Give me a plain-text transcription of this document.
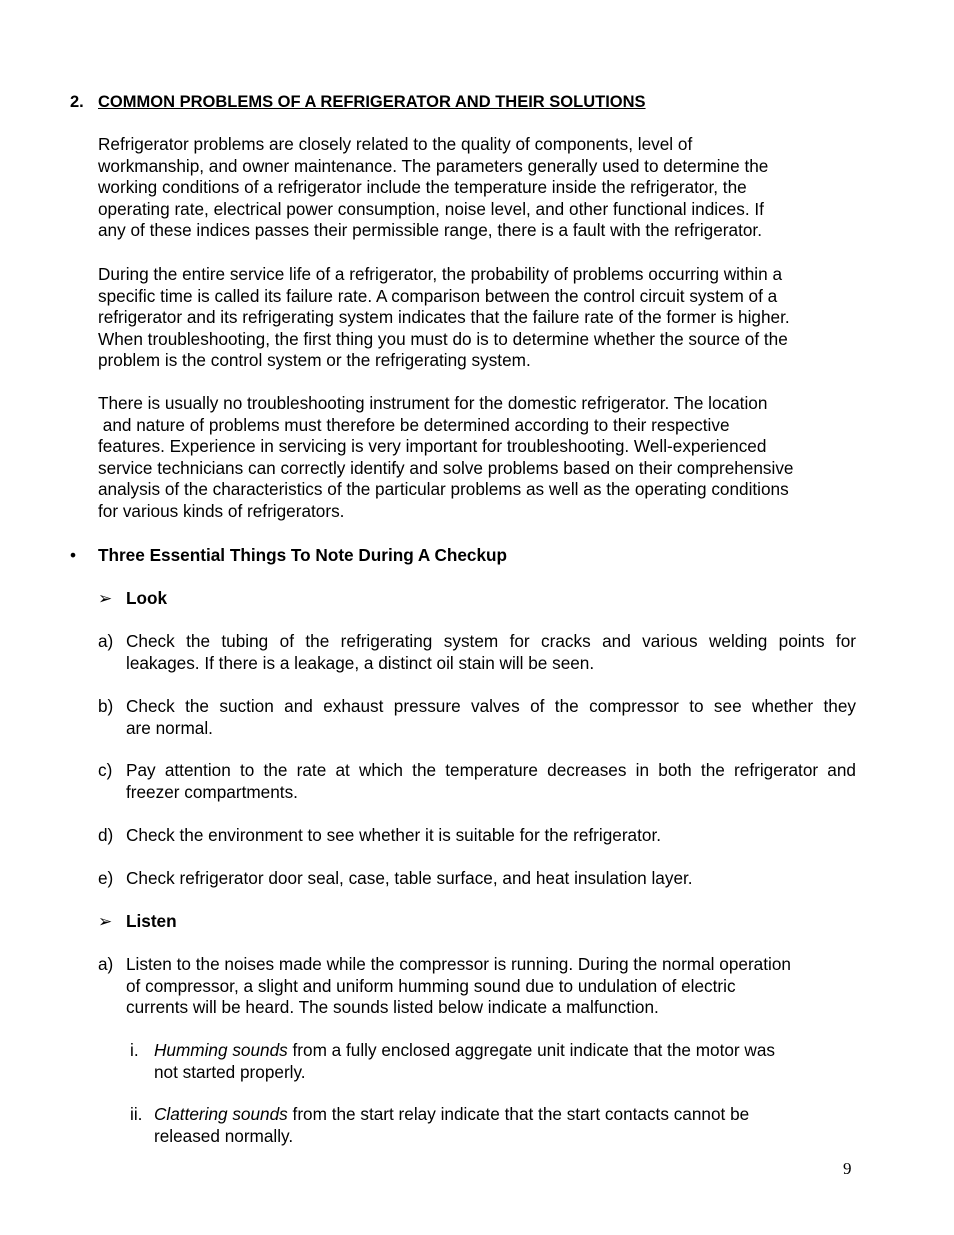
2. COMMON PROBLEMS OF A REFRIGERATOR AND THEIR SOLUTIONS
Refrigerator problems are closely related to the quality of components, level of
workmanship, and owner maintenance. The parameters generally used to determine the
working conditions of a refrigerator include the temperature inside the refrigerator, the
operating rate, electrical power consumption, noise level, and other functional indices. If
any of these indices passes their permissible range, there is a fault with the refrigerator.
During the entire service life of a refrigerator, the probability of problems occurring within a
specific time is called its failure rate. A comparison between the control circuit system of a
refrigerator and its refrigerating system indicates that the failure rate of the former is higher.
When troubleshooting, the first thing you must do is to determine whether the source of the
problem is the control system or the refrigerating system.
There is usually no troubleshooting instrument for the domestic refrigerator. The location
and nature of problems must therefore be determined according to their respective
features. Experience in servicing is very important for troubleshooting. Well-experienced
service technicians can correctly identify and solve problems based on their comprehensive
analysis of the characteristics of the particular problems as well as the operating conditions
for various kinds of refrigerators.
• Three Essential Things To Note During A Checkup
➢ Look
a) Check the tubing of the refrigerating system for cracks and various welding points for
leakages. If there is a leakage, a distinct oil stain will be seen.
b) Check the suction and exhaust pressure valves of the compressor to see whether they
are normal.
c) Pay attention to the rate at which the temperature decreases in both the refrigerator and
freezer compartments.
d) Check the environment to see whether it is suitable for the refrigerator.
e) Check refrigerator door seal, case, table surface, and heat insulation layer.
➢ Listen
a) Listen to the noises made while the compressor is running. During the normal operation
of compressor, a slight and uniform humming sound due to undulation of electric
currents will be heard. The sounds listed below indicate a malfunction.
i. Humming sounds from a fully enclosed aggregate unit indicate that the motor was
not started properly.
ii. Clattering sounds from the start relay indicate that the start contacts cannot be
released normally.
9
